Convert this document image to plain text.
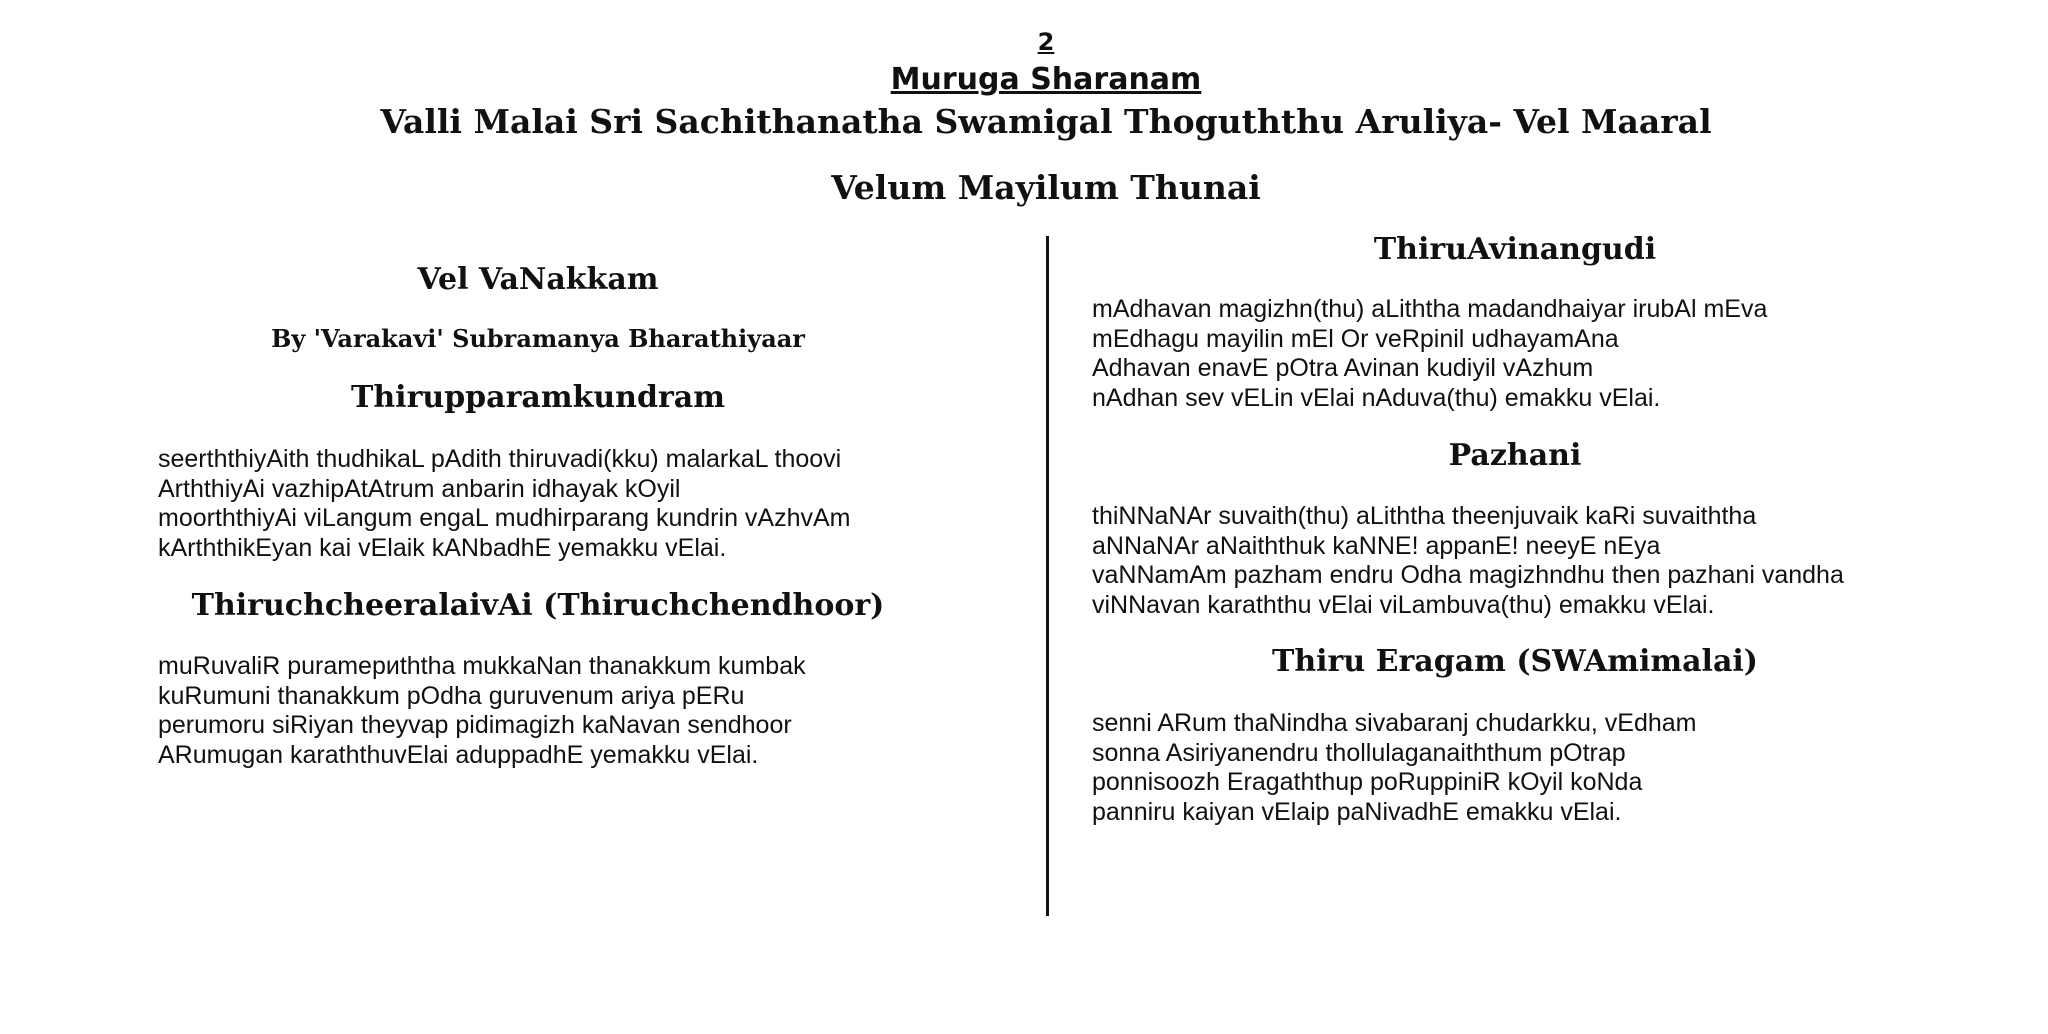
2
Muruga Sharanam
Valli Malai Sri Sachithanatha Swamigal Thoguththu Aruliya- Vel Maaral
Velum Mayilum Thunai
Vel VaNakkam
By 'Varakavi' Subramanya Bharathiyaar
Thirupparamkundram
seerththiyAith thudhikaL pAdith thiruvadi(kku) malarkaL thoovi
ArththiyAi vazhipAtAtrum anbarin idhayak kOyil
moorththiyAi viLangum engaL mudhirparang kundrin vAzhvAm
kArththikEyan kai vElaik kANbadhE yemakku vElai.
ThiruchcheeralaivAi (Thiruchchendhoor)
muRuvaliR puramериththa mukkaNan thanakkum kumbak
kuRumuni thanakkum pOdha guruvenum ariya pERu
perumoru siRiyan theyvap pidimagizh kaNavan sendhoor
ARumugan karaththuvElai aduppadhE yemakku vElai.
ThiruAvinangudi
mAdhavan magizhn(thu) aLiththa madandhaiyar irubAl mEva
mEdhagu mayilin mEl Or veRpinil udhayamAna
Adhavan enavE pOtra Avinan kudiyil vAzhum
nAdhan sev vELin vElai nAduva(thu) emakku vElai.
Pazhani
thiNNaNAr suvaith(thu) aLiththa theenjuvaik kaRi suvaiththa
aNNaNAr aNaiththuk kaNNE! appanE! neeyE nEya
vaNNamAm pazham endru Odha magizhndhu then pazhani vandha
viNNavan karaththu vElai viLambuva(thu) emakku vElai.
Thiru Eragam (SWAmimalai)
senni ARum thaNindha sivabaranj chudarkku, vEdham
sonna Asiriyanendru thollulaganaiththum pOtrap
ponnisoozh Eragaththup poRuppiniR kOyil koNda
panniru kaiyan vElaip paNivadhE emakku vElai.
